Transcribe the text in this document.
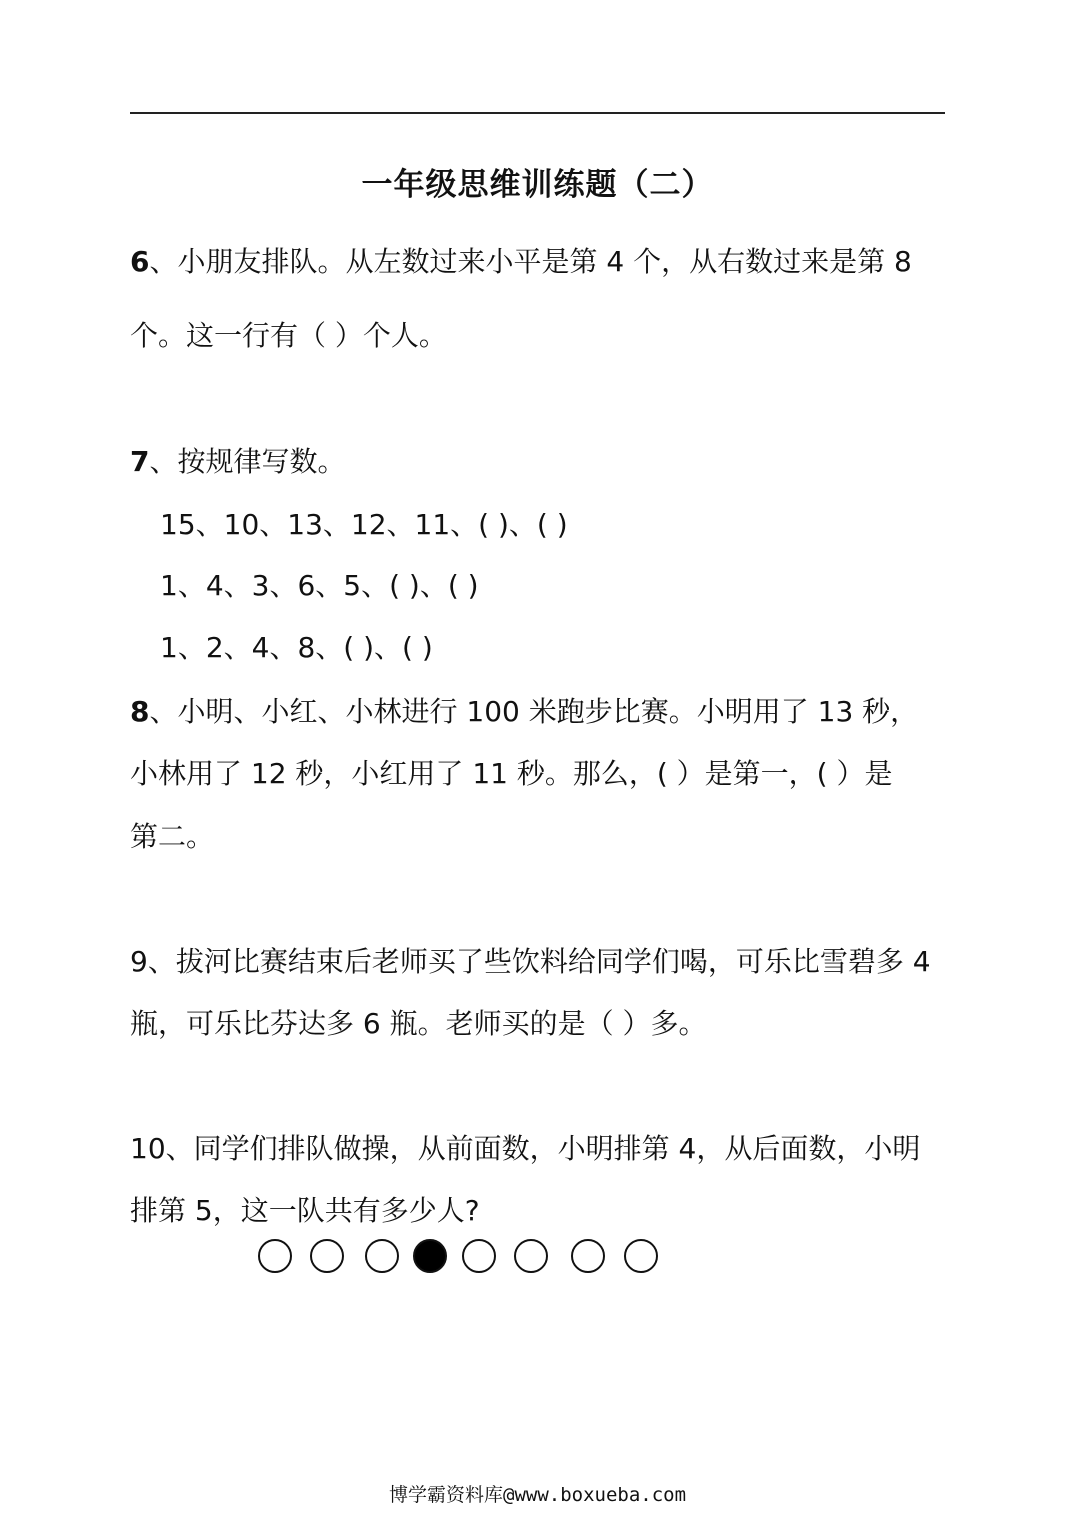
一年级思维训练题（二）
6、小朋友排队。从左数过来小平是第 4 个，从右数过来是第 8
个。这一行有（ ）个人。
7、按规律写数。
15、10、13、12、11、( )、( )
1、4、3、6、5、( )、( )
1、2、4、8、( )、( )
8、小明、小红、小林进行 100 米跑步比赛。小明用了 13 秒，
小林用了 12 秒，小红用了 11 秒。那么，( ）是第一，( ）是
第二。
9、拔河比赛结束后老师买了些饮料给同学们喝，可乐比雪碧多 4
瓶，可乐比芬达多 6 瓶。老师买的是（ ）多。
10、同学们排队做操，从前面数，小明排第 4，从后面数，小明
排第 5，这一队共有多少人?
博学霸资料库@www.boxueba.com
